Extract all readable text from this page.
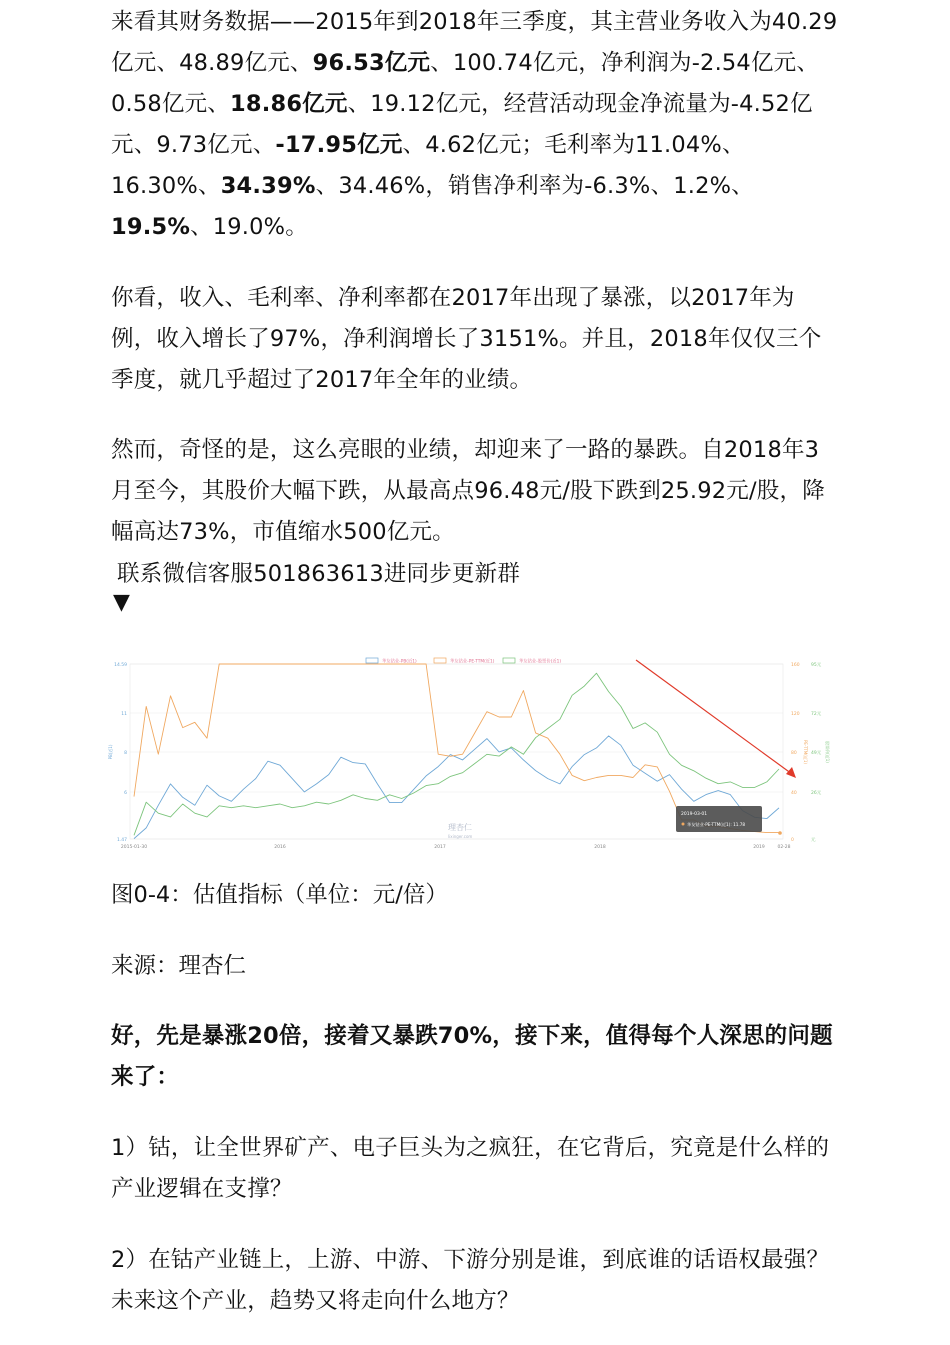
来看其财务数据——2015年到2018年三季度，其主营业务收入为40.29亿元、48.89亿元、96.53亿元、100.74亿元，净利润为-2.54亿元、0.58亿元、18.86亿元、19.12亿元，经营活动现金净流量为-4.52亿元、9.73亿元、-17.95亿元、4.62亿元；毛利率为11.04%、16.30%、34.39%、34.46%，销售净利率为-6.3%、1.2%、19.5%、19.0%。

你看，收入、毛利率、净利率都在2017年出现了暴涨，以2017年为例，收入增长了97%，净利润增长了3151%。并且，2018年仅仅三个季度，就几乎超过了2017年全年的业绩。

然而，奇怪的是，这么亮眼的业绩，却迎来了一路的暴跌。自2018年3月至今，其股价大幅下跌，从最高点96.48元/股下跌到25.92元/股，降幅高达73%，市值缩水500亿元。

联系微信客服501863613进同步更新群

▼
华友钴业-PB(近1)	华友钴业-PE-TTM(近1)	华友钴业-股票价(近1)
1.47
6
8
11
14.59
0
40
80
120
160
元
26元
49元
72元
95元
PB(近1)	PE-TTM(近1)	股票价(近1)
2015-01-30	2016	2017	2018	2019	02-28
理杏仁
lixinger.com
2019-03-01
华友钴业-PE-TTM(近1): 11.78

图0-4：估值指标（单位：元/倍）

来源：理杏仁

好，先是暴涨20倍，接着又暴跌70%，接下来，值得每个人深思的问题来了：

1）钴，让全世界矿产、电子巨头为之疯狂，在它背后，究竟是什么样的产业逻辑在支撑？

2）在钴产业链上，上游、中游、下游分别是谁，到底谁的话语权最强？未来这个产业，趋势又将走向什么地方？
